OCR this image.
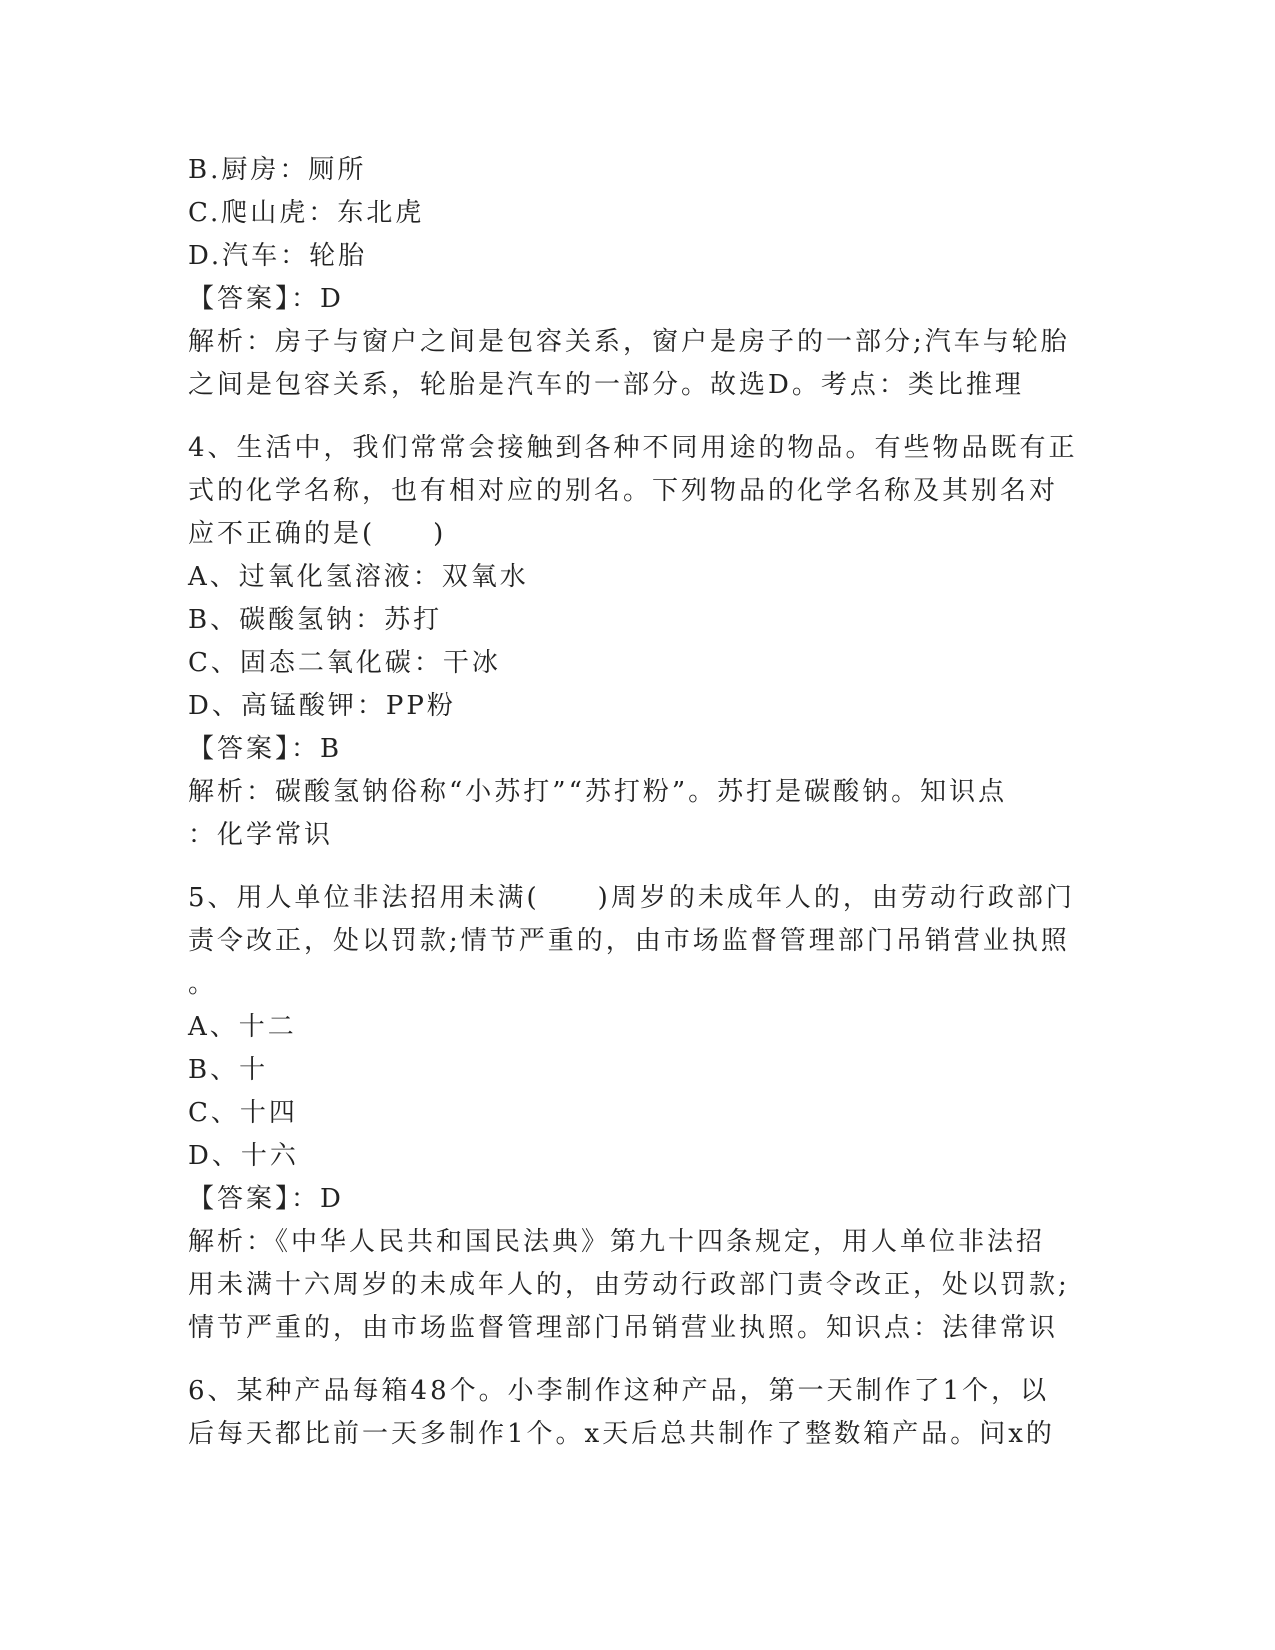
B.厨房：厕所
C.爬山虎：东北虎
D.汽车：轮胎
【答案】：D
解析：房子与窗户之间是包容关系，窗户是房子的一部分;汽车与轮胎
之间是包容关系，轮胎是汽车的一部分。故选D。考点：类比推理
4、生活中，我们常常会接触到各种不同用途的物品。有些物品既有正
式的化学名称，也有相对应的别名。下列物品的化学名称及其别名对
应不正确的是(　　)
A、过氧化氢溶液：双氧水
B、碳酸氢钠：苏打
C、固态二氧化碳：干冰
D、高锰酸钾：PP粉
【答案】：B
解析：碳酸氢钠俗称“小苏打”“苏打粉”。苏打是碳酸钠。知识点
：化学常识
5、用人单位非法招用未满(　　)周岁的未成年人的，由劳动行政部门
责令改正，处以罚款;情节严重的，由市场监督管理部门吊销营业执照
。
A、十二
B、十
C、十四
D、十六
【答案】：D
解析：《中华人民共和国民法典》第九十四条规定，用人单位非法招
用未满十六周岁的未成年人的，由劳动行政部门责令改正，处以罚款;
情节严重的，由市场监督管理部门吊销营业执照。知识点：法律常识
6、某种产品每箱48个。小李制作这种产品，第一天制作了1个，以
后每天都比前一天多制作1个。x天后总共制作了整数箱产品。问x的
